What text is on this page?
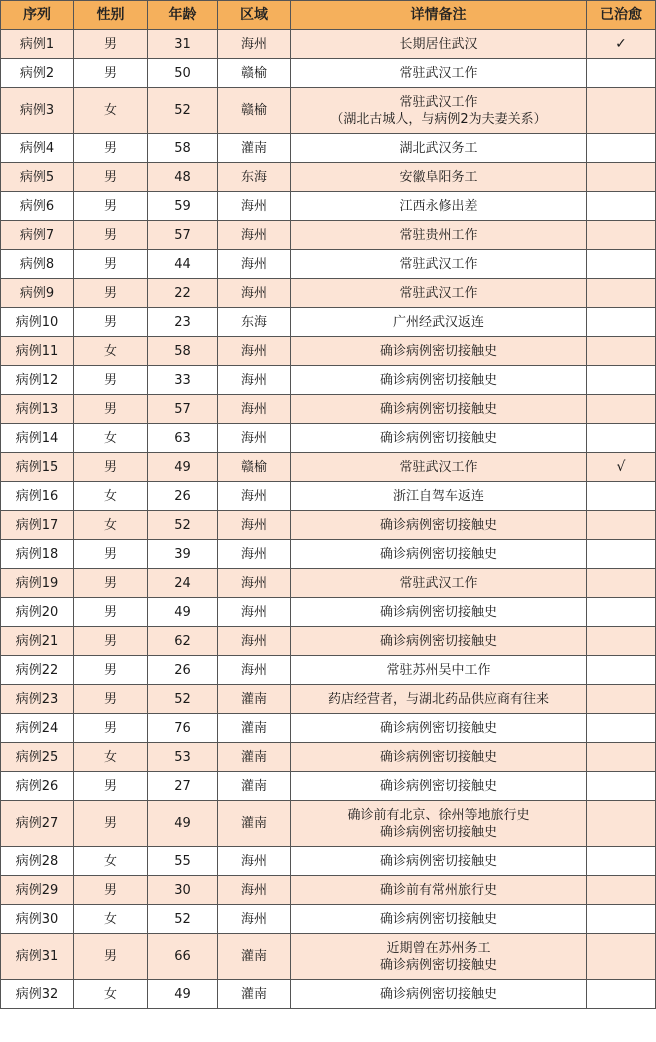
序列	性别	年龄	区域	详情备注	已治愈
病例1	男	31	海州	长期居住武汉	✓
病例2	男	50	赣榆	常驻武汉工作	

病例3	女	52	赣榆	常驻武汉工作
（湖北古城人，与病例2为夫妻关系）	

病例4	男	58	灌南	湖北武汉务工	

病例5	男	48	东海	安徽阜阳务工	

病例6	男	59	海州	江西永修出差	

病例7	男	57	海州	常驻贵州工作	

病例8	男	44	海州	常驻武汉工作	

病例9	男	22	海州	常驻武汉工作	

病例10	男	23	东海	广州经武汉返连	

病例11	女	58	海州	确诊病例密切接触史	

病例12	男	33	海州	确诊病例密切接触史	

病例13	男	57	海州	确诊病例密切接触史	

病例14	女	63	海州	确诊病例密切接触史	

病例15	男	49	赣榆	常驻武汉工作	√
病例16	女	26	海州	浙江自驾车返连	

病例17	女	52	海州	确诊病例密切接触史	

病例18	男	39	海州	确诊病例密切接触史	

病例19	男	24	海州	常驻武汉工作	

病例20	男	49	海州	确诊病例密切接触史	

病例21	男	62	海州	确诊病例密切接触史	

病例22	男	26	海州	常驻苏州吴中工作	

病例23	男	52	灌南	药店经营者，与湖北药品供应商有往来	

病例24	男	76	灌南	确诊病例密切接触史	

病例25	女	53	灌南	确诊病例密切接触史	

病例26	男	27	灌南	确诊病例密切接触史	

病例27	男	49	灌南	确诊前有北京、徐州等地旅行史
确诊病例密切接触史	

病例28	女	55	海州	确诊病例密切接触史	

病例29	男	30	海州	确诊前有常州旅行史	

病例30	女	52	海州	确诊病例密切接触史	

病例31	男	66	灌南	近期曾在苏州务工
确诊病例密切接触史	

病例32	女	49	灌南	确诊病例密切接触史	
